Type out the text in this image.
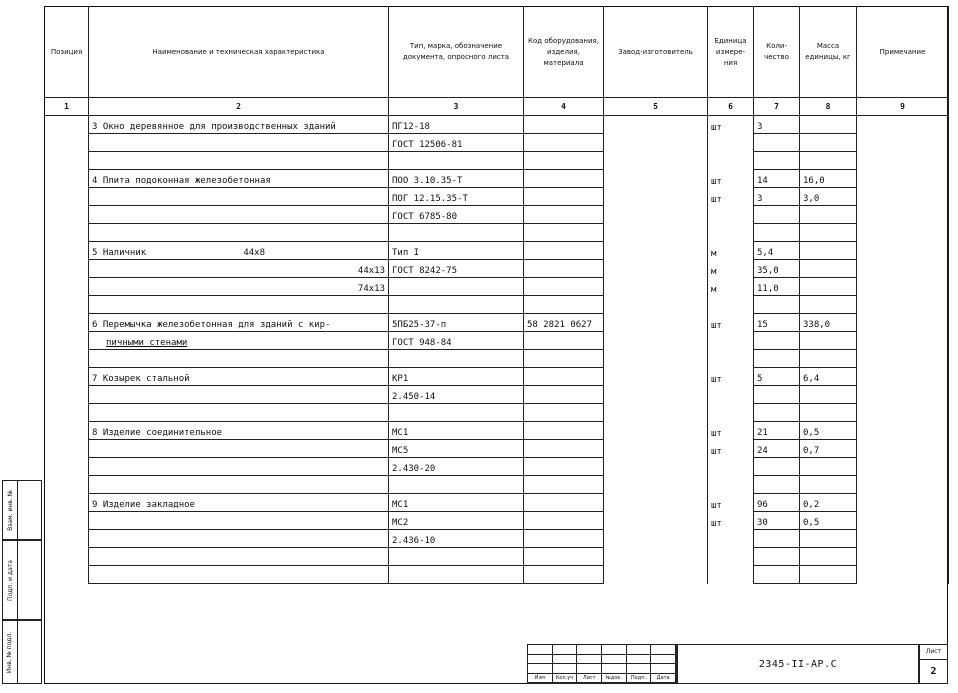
Позиция	Наименование и техническая характеристика	Тип, марка, обозначение документа, опросного листа	Код оборудования, изделия, материала	Завод-изготовитель	Единица измере-ния	Коли-чество	Масса единицы, кг	Примечание
1	2	3	4	5	6	7	8	9
	3 Окно деревянное для производственных зданий	ПГ12-18			шт	3		
		ГОСТ 12506-81						

	4 Плита подоконная железобетонная	ПОО 3.10.35-Т			шт	14	16,0	
		ПОГ 12.15.35-Т			шт	3	3,0	
		ГОСТ 6785-80						

	5 Наличник 44x8	Тип I			м	5,4		
	44x13	ГОСТ 8242-75			м	35,0		
	74x13				м	11,0		

	6 Перемычка железобетонная для зданий с кир-	5ПБ25-37-п	58 2821 0627		шт	15	338,0	
	пичными стенами	ГОСТ 948-84						

	7 Козырек стальной	КР1			шт	5	6,4	
		2.450-14						

	8 Изделие соединительное	МС1			шт	21	0,5	
		МС5			шт	24	0,7	
		2.430-20						

	9 Изделие закладное	МС1			шт	96	0,2	
		МС2			шт	30	0,5	
		2.436-10						

Взам. инв. №
Подп. и дата
Инв. № подл.
Изм	Кол.уч	Лист	№док.	Подп.	Дата
2345-II-АР.С
Лист
2
